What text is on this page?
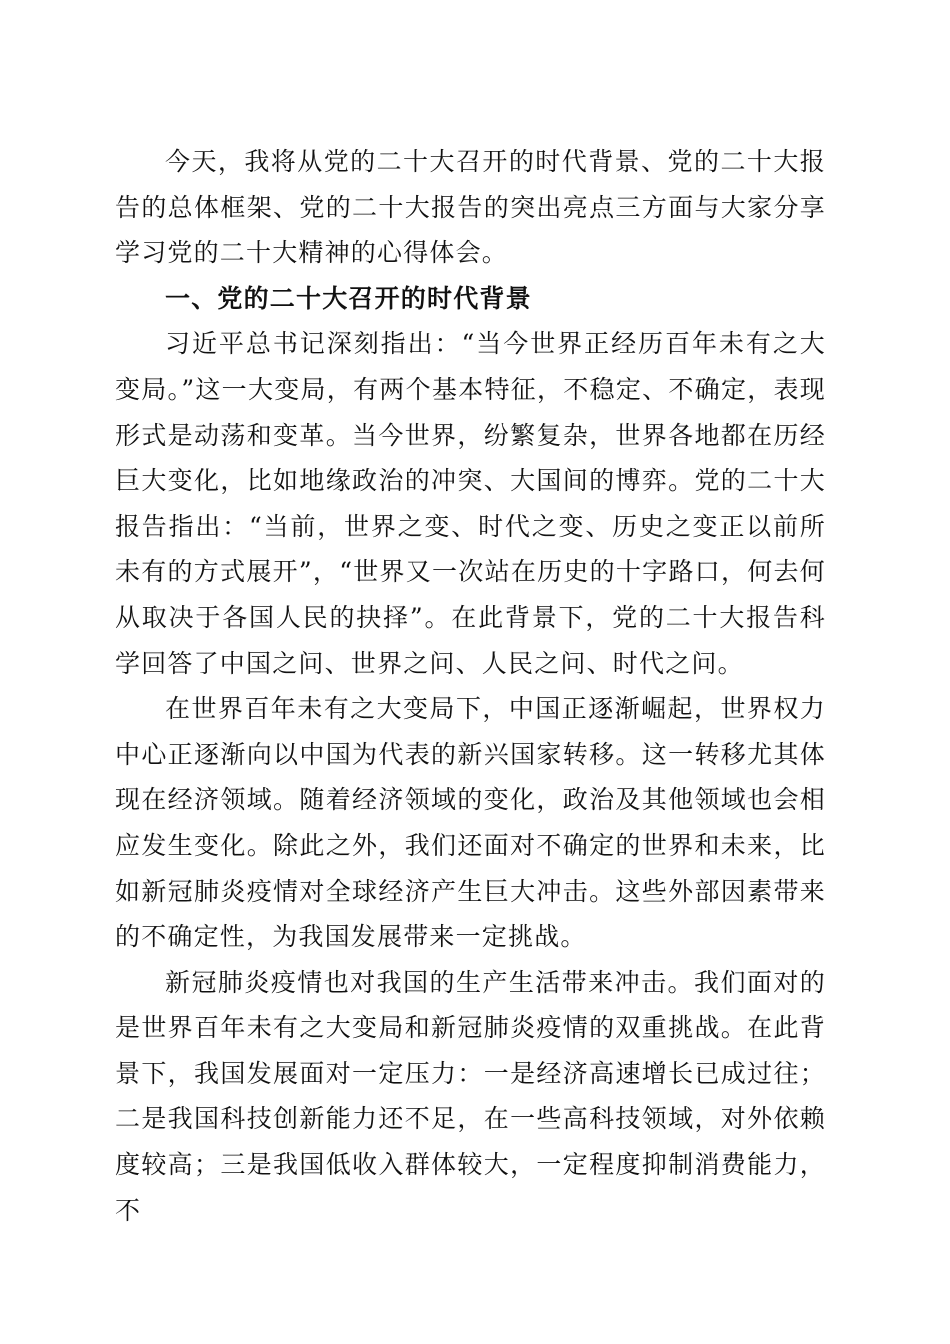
今天，我将从党的二十大召开的时代背景、党的二十大报告的总体框架、党的二十大报告的突出亮点三方面与大家分享学习党的二十大精神的心得体会。

一、党的二十大召开的时代背景

习近平总书记深刻指出：“当今世界正经历百年未有之大变局。”这一大变局，有两个基本特征，不稳定、不确定，表现形式是动荡和变革。当今世界，纷繁复杂，世界各地都在历经巨大变化，比如地缘政治的冲突、大国间的博弈。党的二十大报告指出：“当前，世界之变、时代之变、历史之变正以前所未有的方式展开”，“世界又一次站在历史的十字路口，何去何从取决于各国人民的抉择”。在此背景下，党的二十大报告科学回答了中国之问、世界之问、人民之问、时代之问。

在世界百年未有之大变局下，中国正逐渐崛起，世界权力中心正逐渐向以中国为代表的新兴国家转移。这一转移尤其体现在经济领域。随着经济领域的变化，政治及其他领域也会相应发生变化。除此之外，我们还面对不确定的世界和未来，比如新冠肺炎疫情对全球经济产生巨大冲击。这些外部因素带来的不确定性，为我国发展带来一定挑战。

新冠肺炎疫情也对我国的生产生活带来冲击。我们面对的是世界百年未有之大变局和新冠肺炎疫情的双重挑战。在此背景下，我国发展面对一定压力：一是经济高速增长已成过往；二是我国科技创新能力还不足，在一些高科技领域，对外依赖度较高；三是我国低收入群体较大，一定程度抑制消费能力，不
